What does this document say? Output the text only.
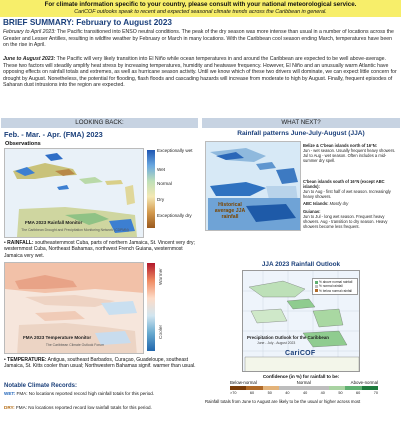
For climate information specific to your country, please consult with your national meteorological service.
CariCOF outlooks speak to recent and expected seasonal climate trends across the Caribbean in general.
BRIEF SUMMARY: February to August 2023
February to April 2023: The Pacific transitioned into ENSO neutral conditions. The peak of the dry season was more intense than usual in a number of locations across the Greater and Lesser Antilles, resulting in wildfire weather by February or March in many locations. With the Caribbean cool season ending March, temperatures have been on the rise in April.
June to August 2023: The Pacific will very likely transition into El Niño while ocean temperatures in and around the Caribbean are expected to be well above-average. These two factors will steadily amplify heat stress by increasing temperatures, humidity and heatwave frequency. However, El Niño and an unusually warm Atlantic have opposing effects on rainfall totals and extremes, as well as hurricane season activity. Until we know which of these two drivers will dominate, we can expect little concern for drought by August. Nonetheless, the potential for flooding, flash floods and cascading hazards will increase from moderate to high by August. Finally, frequent episodes of Saharan dust intrusions into the region are expected.
LOOKING BACK:	WHAT NEXT?
Feb. - Mar. - Apr. (FMA) 2023
Observations
FMA 2023 Rainfall Monitor
The Caribbean Drought and Precipitation Monitoring Network (CDPMN)
Exceptionally wet
Wet
Normal
Dry
Exceptionally dry
• RAINFALL: southeasternmost Cuba, parts of northern Jamaica, St. Vincent very dry; westernmost Cuba, Northeast Bahamas, northwest French Guiana, westernmost Jamaica very wet.
FMA 2023 Temperature Monitor
The Caribbean Climate Outlook Forum
Warmer
Cooler
• TEMPERATURE: Antigua, southeast Barbados, Curaçao, Guadeloupe, southeast Jamaica, St. Kitts cooler than usual; Northwestern Bahamas signif. warmer than usual.
Notable Climate Records:
WET: FMA: No locations reported record high rainfall totals for this period.
DRY: FMA: No locations reported record low rainfall totals for this period.
Rainfall patterns June-July-August (JJA)
Historical average JJA rainfall
Belize & C'bean islands north of 16°N:
Jun - wet season. Usually frequent heavy showers. Jul to Aug - wet season. Often includes a mid-summer dry spell.
C'bean islands south of 16°N (except ABC islands):
Jun to Aug - first half of wet season. Increasingly heavy showers.
ABC Islands: Mostly dry
Guianas:
Jun to Jul - long wet season. Frequent heavy showers. Aug - transition to dry season. Heavy showers become less frequent.
JJA 2023 Rainfall Outlook
% above normal rainfall
% normal rainfall
% below normal rainfall
Precipitation Outlook for the Caribbean
June - July - August 2023
CariCOF
Confidence (in %) for rainfall to be:
Below-normal	Normal	Above-normal
>70	60	50	40	40	40	50	60	70
Rainfall totals from June to August are likely to be the usual or higher across most
